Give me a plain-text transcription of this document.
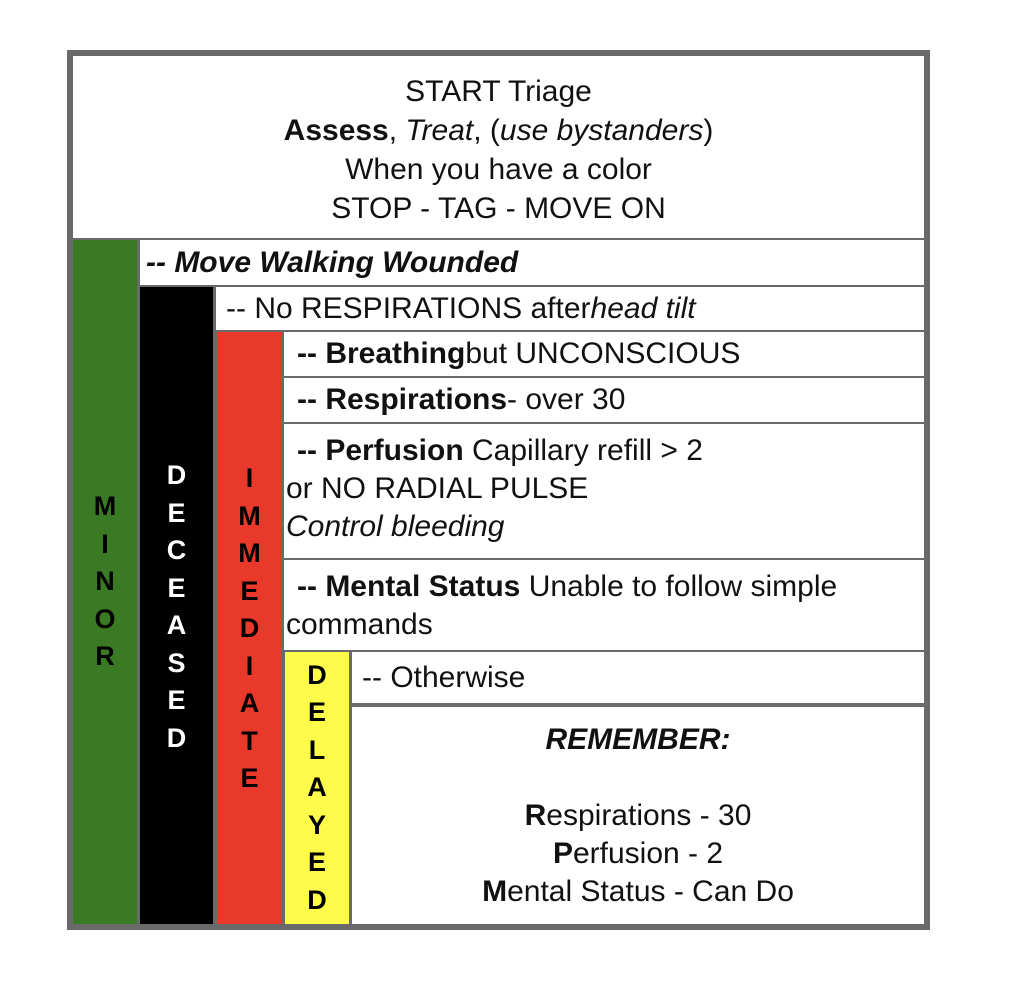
START Triage
Assess, Treat, (use bystanders)
When you have a color
STOP - TAG - MOVE ON
M
I
N
O
R
-- Move Walking Wounded
D
E
C
E
A
S
E
D
-- No RESPIRATIONS after head tilt
I
M
M
E
D
I
A
T
E
-- Breathing but UNCONSCIOUS
-- Respirations - over 30
-- Perfusion Capillary refill > 2
or NO RADIAL PULSE
Control bleeding
-- Mental Status Unable to follow simple
commands
D
E
L
A
Y
E
D
-- Otherwise
REMEMBER:
Respirations - 30
Perfusion - 2
Mental Status - Can Do
